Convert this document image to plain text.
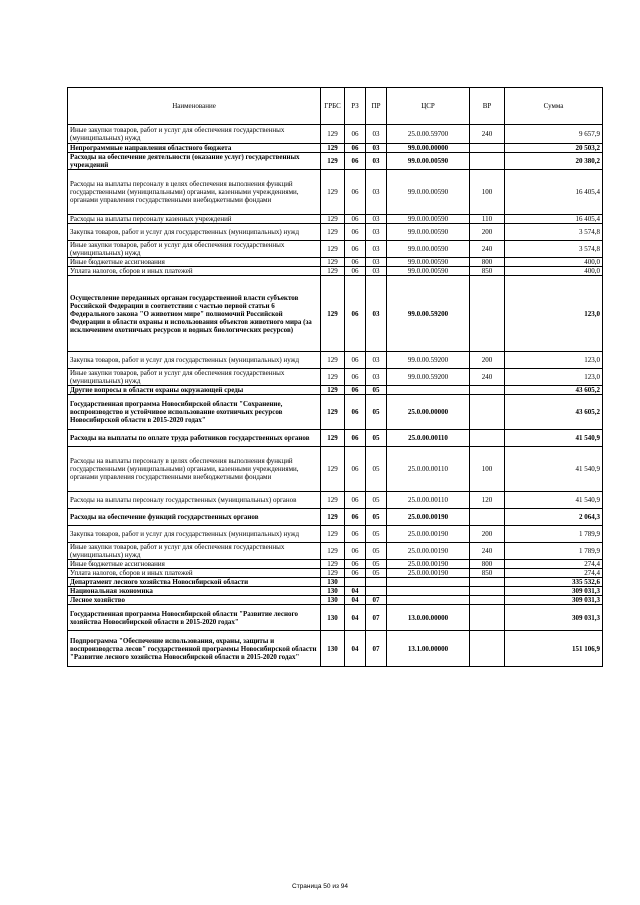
Наименование	ГРБС	РЗ	ПР	ЦСР	ВР	Сумма
Иные закупки товаров, работ и услуг для обеспечения государственных (муниципальных) нужд	129	06	03	25.0.00.59700	240	9 657,9
Непрограммные направления областного бюджета	129	06	03	99.0.00.00000		20 503,2
Расходы на обеспечение деятельности (оказание услуг) государственных учреждений	129	06	03	99.0.00.00590		20 380,2
Расходы на выплаты персоналу в целях обеспечения выполнения функций государственными (муниципальными) органами, казенными учреждениями, органами управления государственными внебюджетными фондами	129	06	03	99.0.00.00590	100	16 405,4
Расходы на выплаты персоналу казенных учреждений	129	06	03	99.0.00.00590	110	16 405,4
Закупка товаров, работ и услуг для государственных (муниципальных) нужд	129	06	03	99.0.00.00590	200	3 574,8
Иные закупки товаров, работ и услуг для обеспечения государственных (муниципальных) нужд	129	06	03	99.0.00.00590	240	3 574,8
Иные бюджетные ассигнования	129	06	03	99.0.00.00590	800	400,0
Уплата налогов, сборов и иных платежей	129	06	03	99.0.00.00590	850	400,0
Осуществление переданных органам государственной власти субъектов Российской Федерации в соответствии с частью первой статьи 6 Федерального закона "О животном мире" полномочий Российской Федерации в области охраны и использования объектов животного мира (за исключением охотничьих ресурсов и водных биологических ресурсов)	129	06	03	99.0.00.59200		123,0
Закупка товаров, работ и услуг для государственных (муниципальных) нужд	129	06	03	99.0.00.59200	200	123,0
Иные закупки товаров, работ и услуг для обеспечения государственных (муниципальных) нужд	129	06	03	99.0.00.59200	240	123,0
Другие вопросы в области охраны окружающей среды	129	06	05			43 605,2
Государственная программа Новосибирской области "Сохранение, воспроизводство и устойчивое использование охотничьих ресурсов Новосибирской области в 2015-2020 годах"	129	06	05	25.0.00.00000		43 605,2
Расходы на выплаты по оплате труда работников государственных органов	129	06	05	25.0.00.00110		41 540,9
Расходы на выплаты персоналу в целях обеспечения выполнения функций государственными (муниципальными) органами, казенными учреждениями, органами управления государственными внебюджетными фондами	129	06	05	25.0.00.00110	100	41 540,9
Расходы на выплаты персоналу государственных (муниципальных) органов	129	06	05	25.0.00.00110	120	41 540,9
Расходы на обеспечение функций государственных органов	129	06	05	25.0.00.00190		2 064,3
Закупка товаров, работ и услуг для государственных (муниципальных) нужд	129	06	05	25.0.00.00190	200	1 789,9
Иные закупки товаров, работ и услуг для обеспечения государственных (муниципальных) нужд	129	06	05	25.0.00.00190	240	1 789,9
Иные бюджетные ассигнования	129	06	05	25.0.00.00190	800	274,4
Уплата налогов, сборов и иных платежей	129	06	05	25.0.00.00190	850	274,4
Департамент лесного хозяйства Новосибирской области	130					335 532,6
Национальная экономика	130	04				309 031,3
Лесное хозяйство	130	04	07			309 031,3
Государственная программа Новосибирской области "Развитие лесного хозяйства Новосибирской области в 2015-2020 годах"	130	04	07	13.0.00.00000		309 031,3
Подпрограмма "Обеспечение использования, охраны, защиты и воспроизводства лесов" государственной программы Новосибирской области "Развитие лесного хозяйства Новосибирской области в 2015-2020 годах"	130	04	07	13.1.00.00000		151 106,9
Страница 50 из 94
